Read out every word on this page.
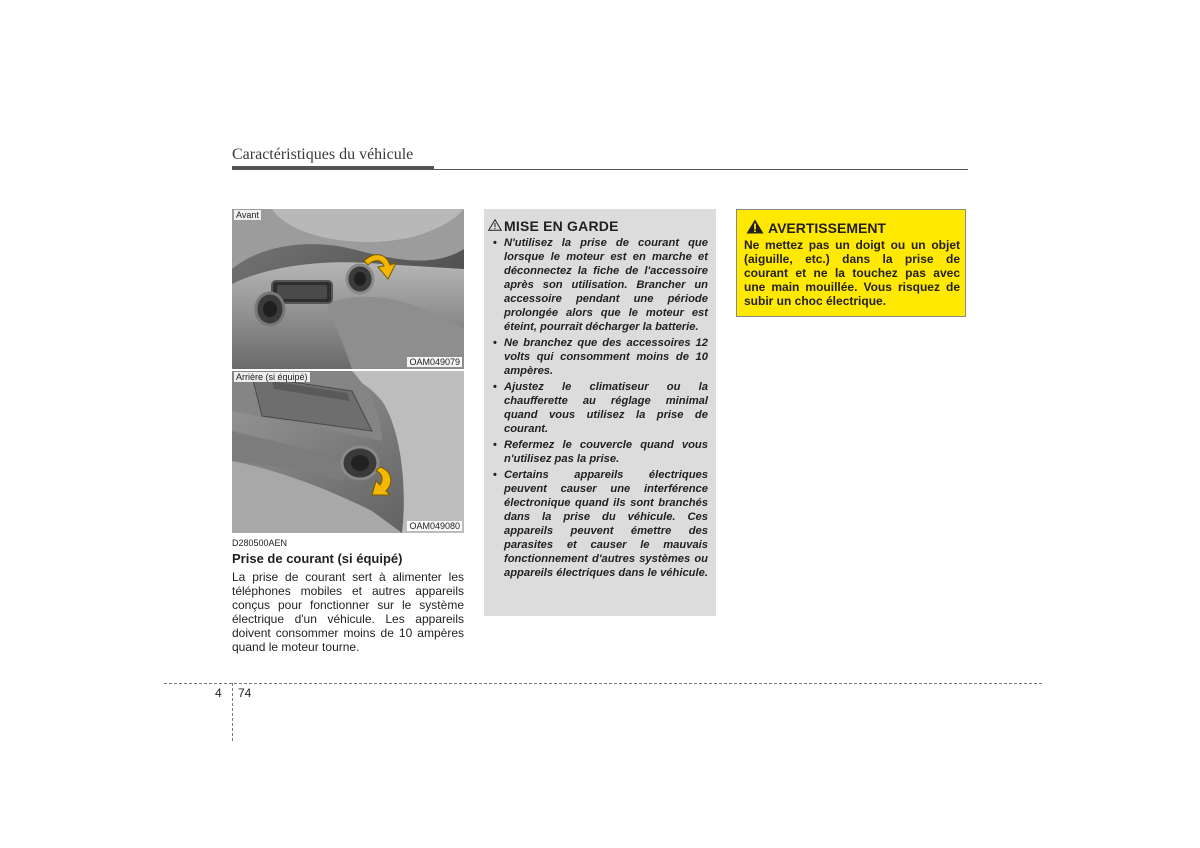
Caractéristiques du véhicule
Avant
OAM049079
Arrière (si équipé)
OAM049080
D280500AEN
Prise de courant (si équipé)
La prise de courant sert à alimenter les téléphones mobiles et autres appareils conçus pour fonctionner sur le système électrique d'un véhicule. Les appareils doivent consommer moins de 10 ampères quand le moteur tourne.
MISE EN GARDE
• N'utilisez la prise de courant que lorsque le moteur est en marche et déconnectez la fiche de l'accessoire après son utilisation. Brancher un accessoire pendant une période prolongée alors que le moteur est éteint, pourrait décharger la batterie.
• Ne branchez que des accessoires 12 volts qui consomment moins de 10 ampères.
• Ajustez le climatiseur ou la chaufferette au réglage minimal quand vous utilisez la prise de courant.
• Refermez le couvercle quand vous n'utilisez pas la prise.
• Certains appareils électriques peuvent causer une interférence électronique quand ils sont branchés dans la prise du véhicule. Ces appareils peuvent émettre des parasites et causer le mauvais fonctionnement d'autres systèmes ou appareils électriques dans le véhicule.
AVERTISSEMENT
Ne mettez pas un doigt ou un objet (aiguille, etc.) dans la prise de courant et ne la touchez pas avec une main mouillée. Vous risquez de subir un choc électrique.
4 74
